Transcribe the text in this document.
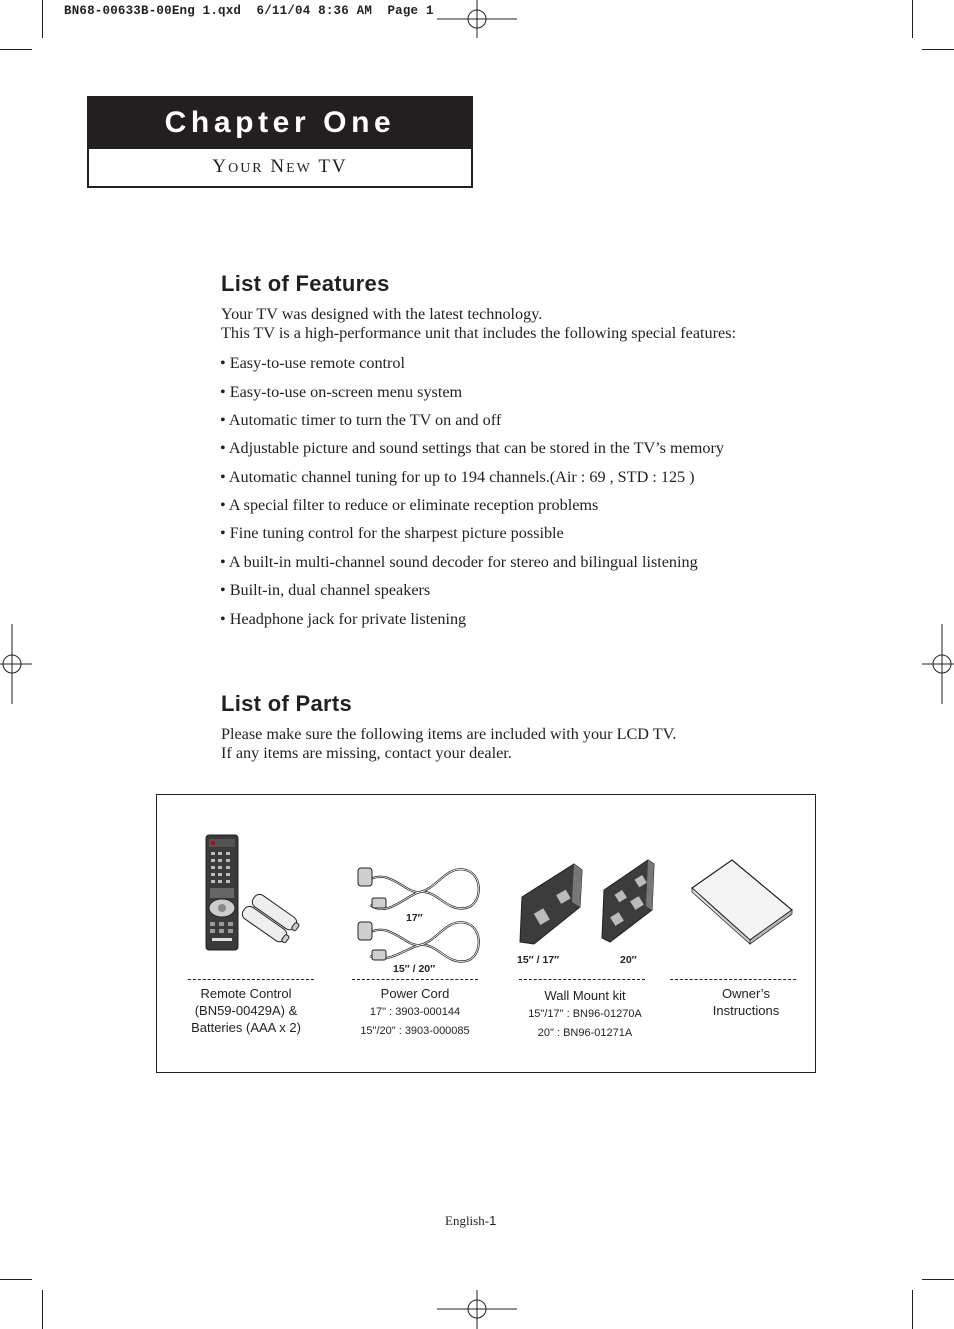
BN68-00633B-00Eng 1.qxd  6/11/04 8:36 AM  Page 1
Chapter One
YOUR NEW TV
List of Features
Your TV was designed with the latest technology.
This TV is a high-performance unit that includes the following special features:
• Easy-to-use remote control
• Easy-to-use on-screen menu system
• Automatic timer to turn the TV on and off
• Adjustable picture and sound settings that can be stored in the TV’s memory
• Automatic channel tuning for up to 194 channels.(Air : 69 , STD : 125 )
• A special filter to reduce or eliminate reception problems
• Fine tuning control for the sharpest picture possible
• A built-in multi-channel sound decoder for stereo and bilingual listening
• Built-in, dual channel speakers
• Headphone jack for private listening
List of Parts
Please make sure the following items are included with your LCD TV.
If any items are missing, contact your dealer.
17″
15″ / 20″
15″ / 17″	20″
Remote Control
(BN59-00429A) &
Batteries (AAA x 2)
Power Cord
17" : 3903-000144
15"/20" : 3903-000085
Wall Mount kit
15"/17" : BN96-01270A
20" : BN96-01271A
Owner’s
Instructions
English-1
